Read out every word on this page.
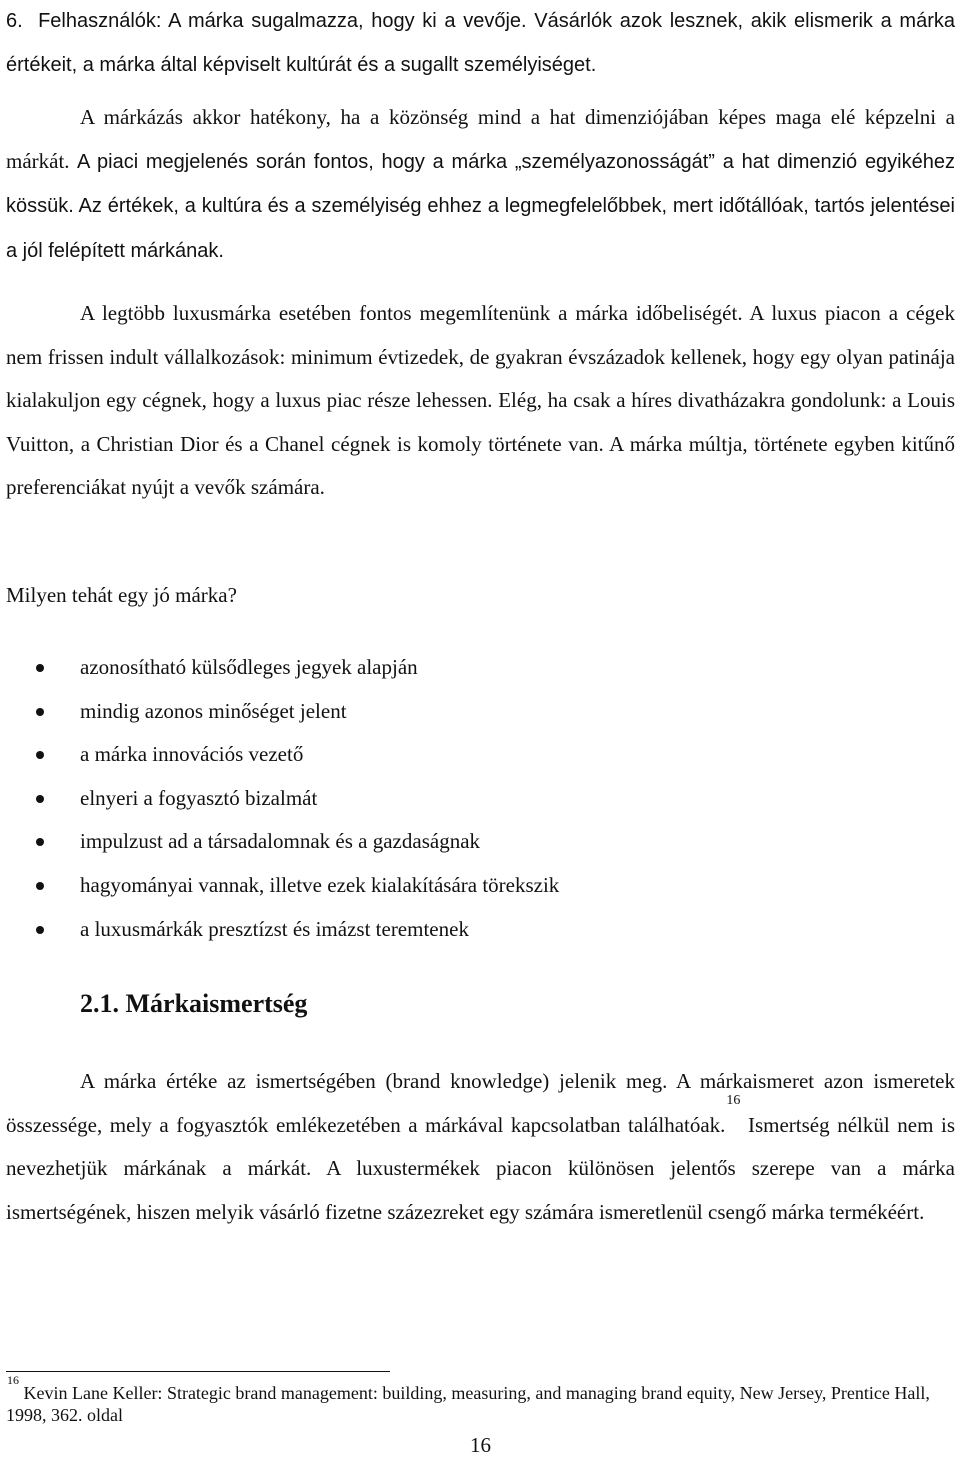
6. Felhasználók: A márka sugalmazza, hogy ki a vevője. Vásárlók azok lesznek, akik elismerik a márka értékeit, a márka által képviselt kultúrát és a sugallt személyiséget.

A márkázás akkor hatékony, ha a közönség mind a hat dimenziójában képes maga elé képzelni a márkát. A piaci megjelenés során fontos, hogy a márka „személyazonosságát” a hat dimenzió egyikéhez kössük. Az értékek, a kultúra és a személyiség ehhez a legmegfelelőbbek, mert időtállóak, tartós jelentései a jól felépített márkának.

A legtöbb luxusmárka esetében fontos megemlítenünk a márka időbeliségét. A luxus piacon a cégek nem frissen indult vállalkozások: minimum évtizedek, de gyakran évszázadok kellenek, hogy egy olyan patinája kialakuljon egy cégnek, hogy a luxus piac része lehessen. Elég, ha csak a híres divatházakra gondolunk: a Louis Vuitton, a Christian Dior és a Chanel cégnek is komoly története van. A márka múltja, története egyben kitűnő preferenciákat nyújt a vevők számára.

Milyen tehát egy jó márka?

azonosítható külsődleges jegyek alapján
mindig azonos minőséget jelent
a márka innovációs vezető
elnyeri a fogyasztó bizalmát
impulzust ad a társadalomnak és a gazdaságnak
hagyományai vannak, illetve ezek kialakítására törekszik
a luxusmárkák presztízst és imázst teremtenek
2.1. Márkaismertség

A márka értéke az ismertségében (brand knowledge) jelenik meg. A márkaismeret azon ismeretek összessége, mely a fogyasztók emlékezetében a márkával kapcsolatban találhatóak.$^{16}$ Ismertség nélkül nem is nevezhetjük márkának a márkát. A luxustermékek piacon különösen jelentős szerepe van a márka ismertségének, hiszen melyik vásárló fizetne százezreket egy számára ismeretlenül csengő márka termékéért.

$^{16}$ Kevin Lane Keller: Strategic brand management: building, measuring, and managing brand equity, New Jersey, Prentice Hall, 1998, 362. oldal

16
